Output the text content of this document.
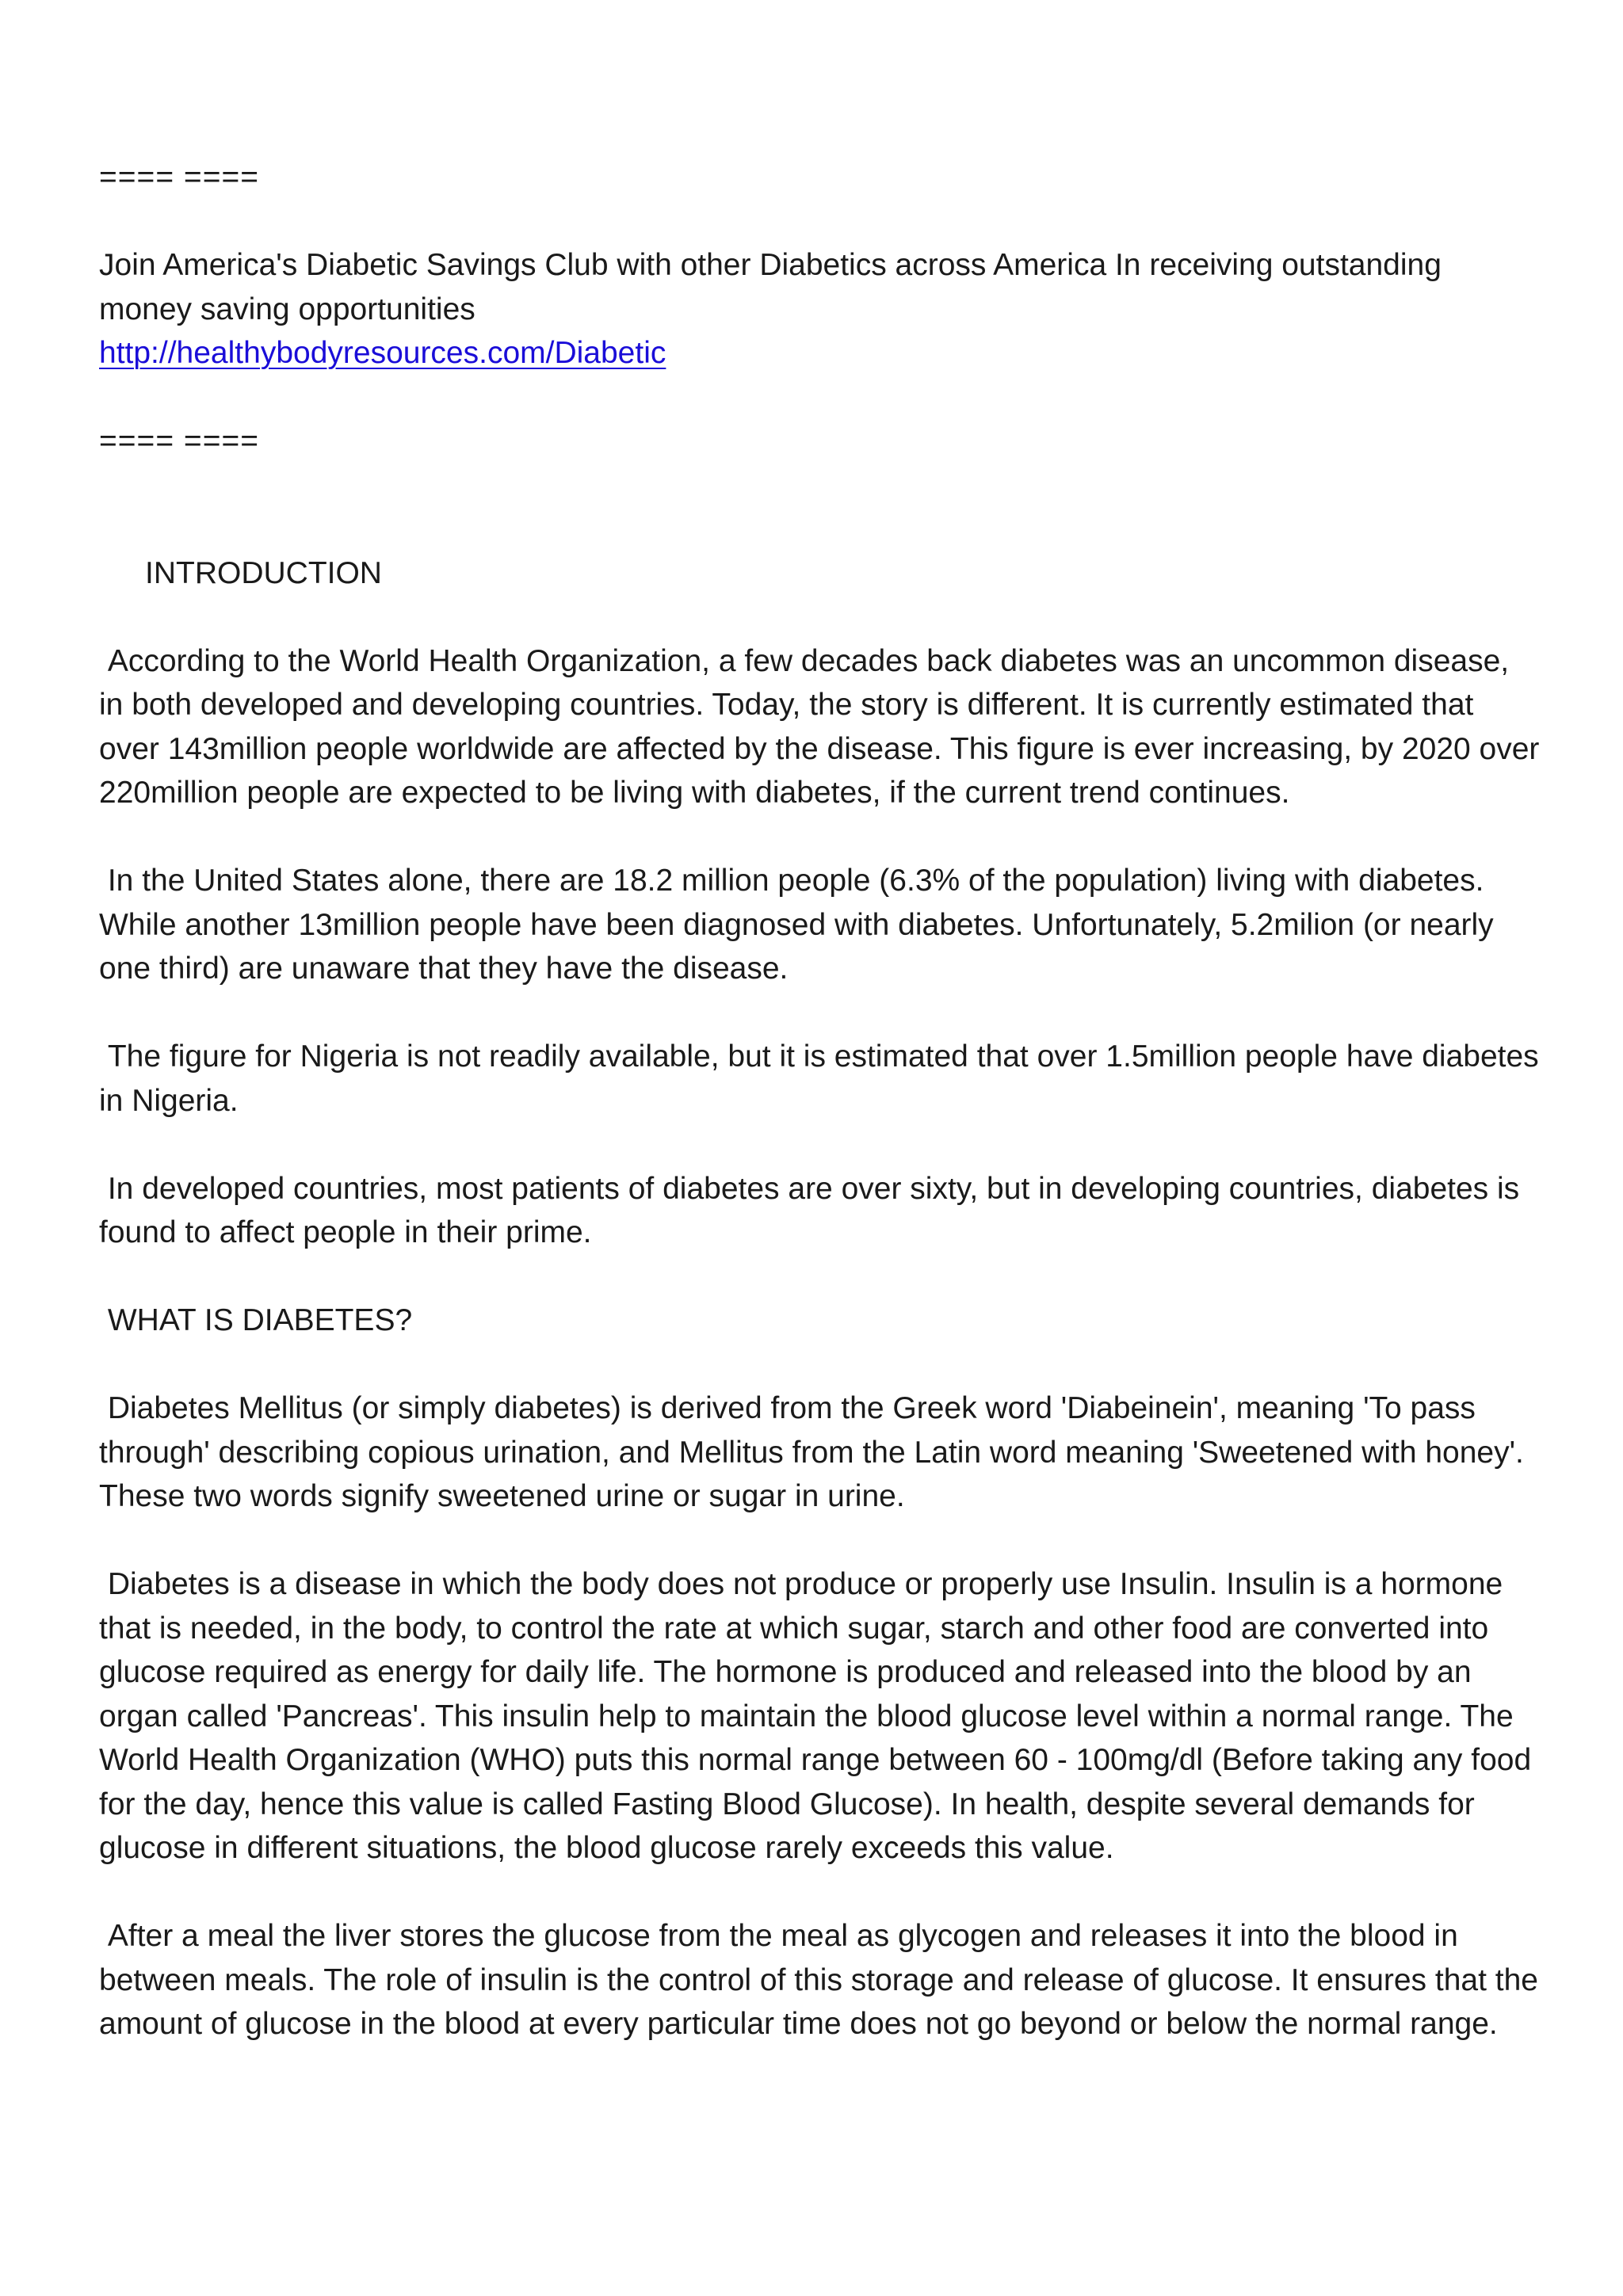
==== ====

Join America's Diabetic Savings Club with other Diabetics across America In receiving outstanding money saving opportunities

http://healthybodyresources.com/Diabetic

==== ====

INTRODUCTION

According to the World Health Organization, a few decades back diabetes was an uncommon disease, in both developed and developing countries. Today, the story is different. It is currently estimated that over 143million people worldwide are affected by the disease. This figure is ever increasing, by 2020 over 220million people are expected to be living with diabetes, if the current trend continues.

In the United States alone, there are 18.2 million people (6.3% of the population) living with diabetes. While another 13million people have been diagnosed with diabetes. Unfortunately, 5.2milion (or nearly one third) are unaware that they have the disease.

The figure for Nigeria is not readily available, but it is estimated that over 1.5million people have diabetes in Nigeria.

In developed countries, most patients of diabetes are over sixty, but in developing countries, diabetes is found to affect people in their prime.

WHAT IS DIABETES?

Diabetes Mellitus (or simply diabetes) is derived from the Greek word 'Diabeinein', meaning 'To pass through' describing copious urination, and Mellitus from the Latin word meaning 'Sweetened with honey'. These two words signify sweetened urine or sugar in urine.

Diabetes is a disease in which the body does not produce or properly use Insulin. Insulin is a hormone that is needed, in the body, to control the rate at which sugar, starch and other food are converted into glucose required as energy for daily life. The hormone is produced and released into the blood by an organ called 'Pancreas'. This insulin help to maintain the blood glucose level within a normal range. The World Health Organization (WHO) puts this normal range between 60 - 100mg/dl (Before taking any food for the day, hence this value is called Fasting Blood Glucose). In health, despite several demands for glucose in different situations, the blood glucose rarely exceeds this value.

After a meal the liver stores the glucose from the meal as glycogen and releases it into the blood in between meals. The role of insulin is the control of this storage and release of glucose. It ensures that the amount of glucose in the blood at every particular time does not go beyond or below the normal range.
